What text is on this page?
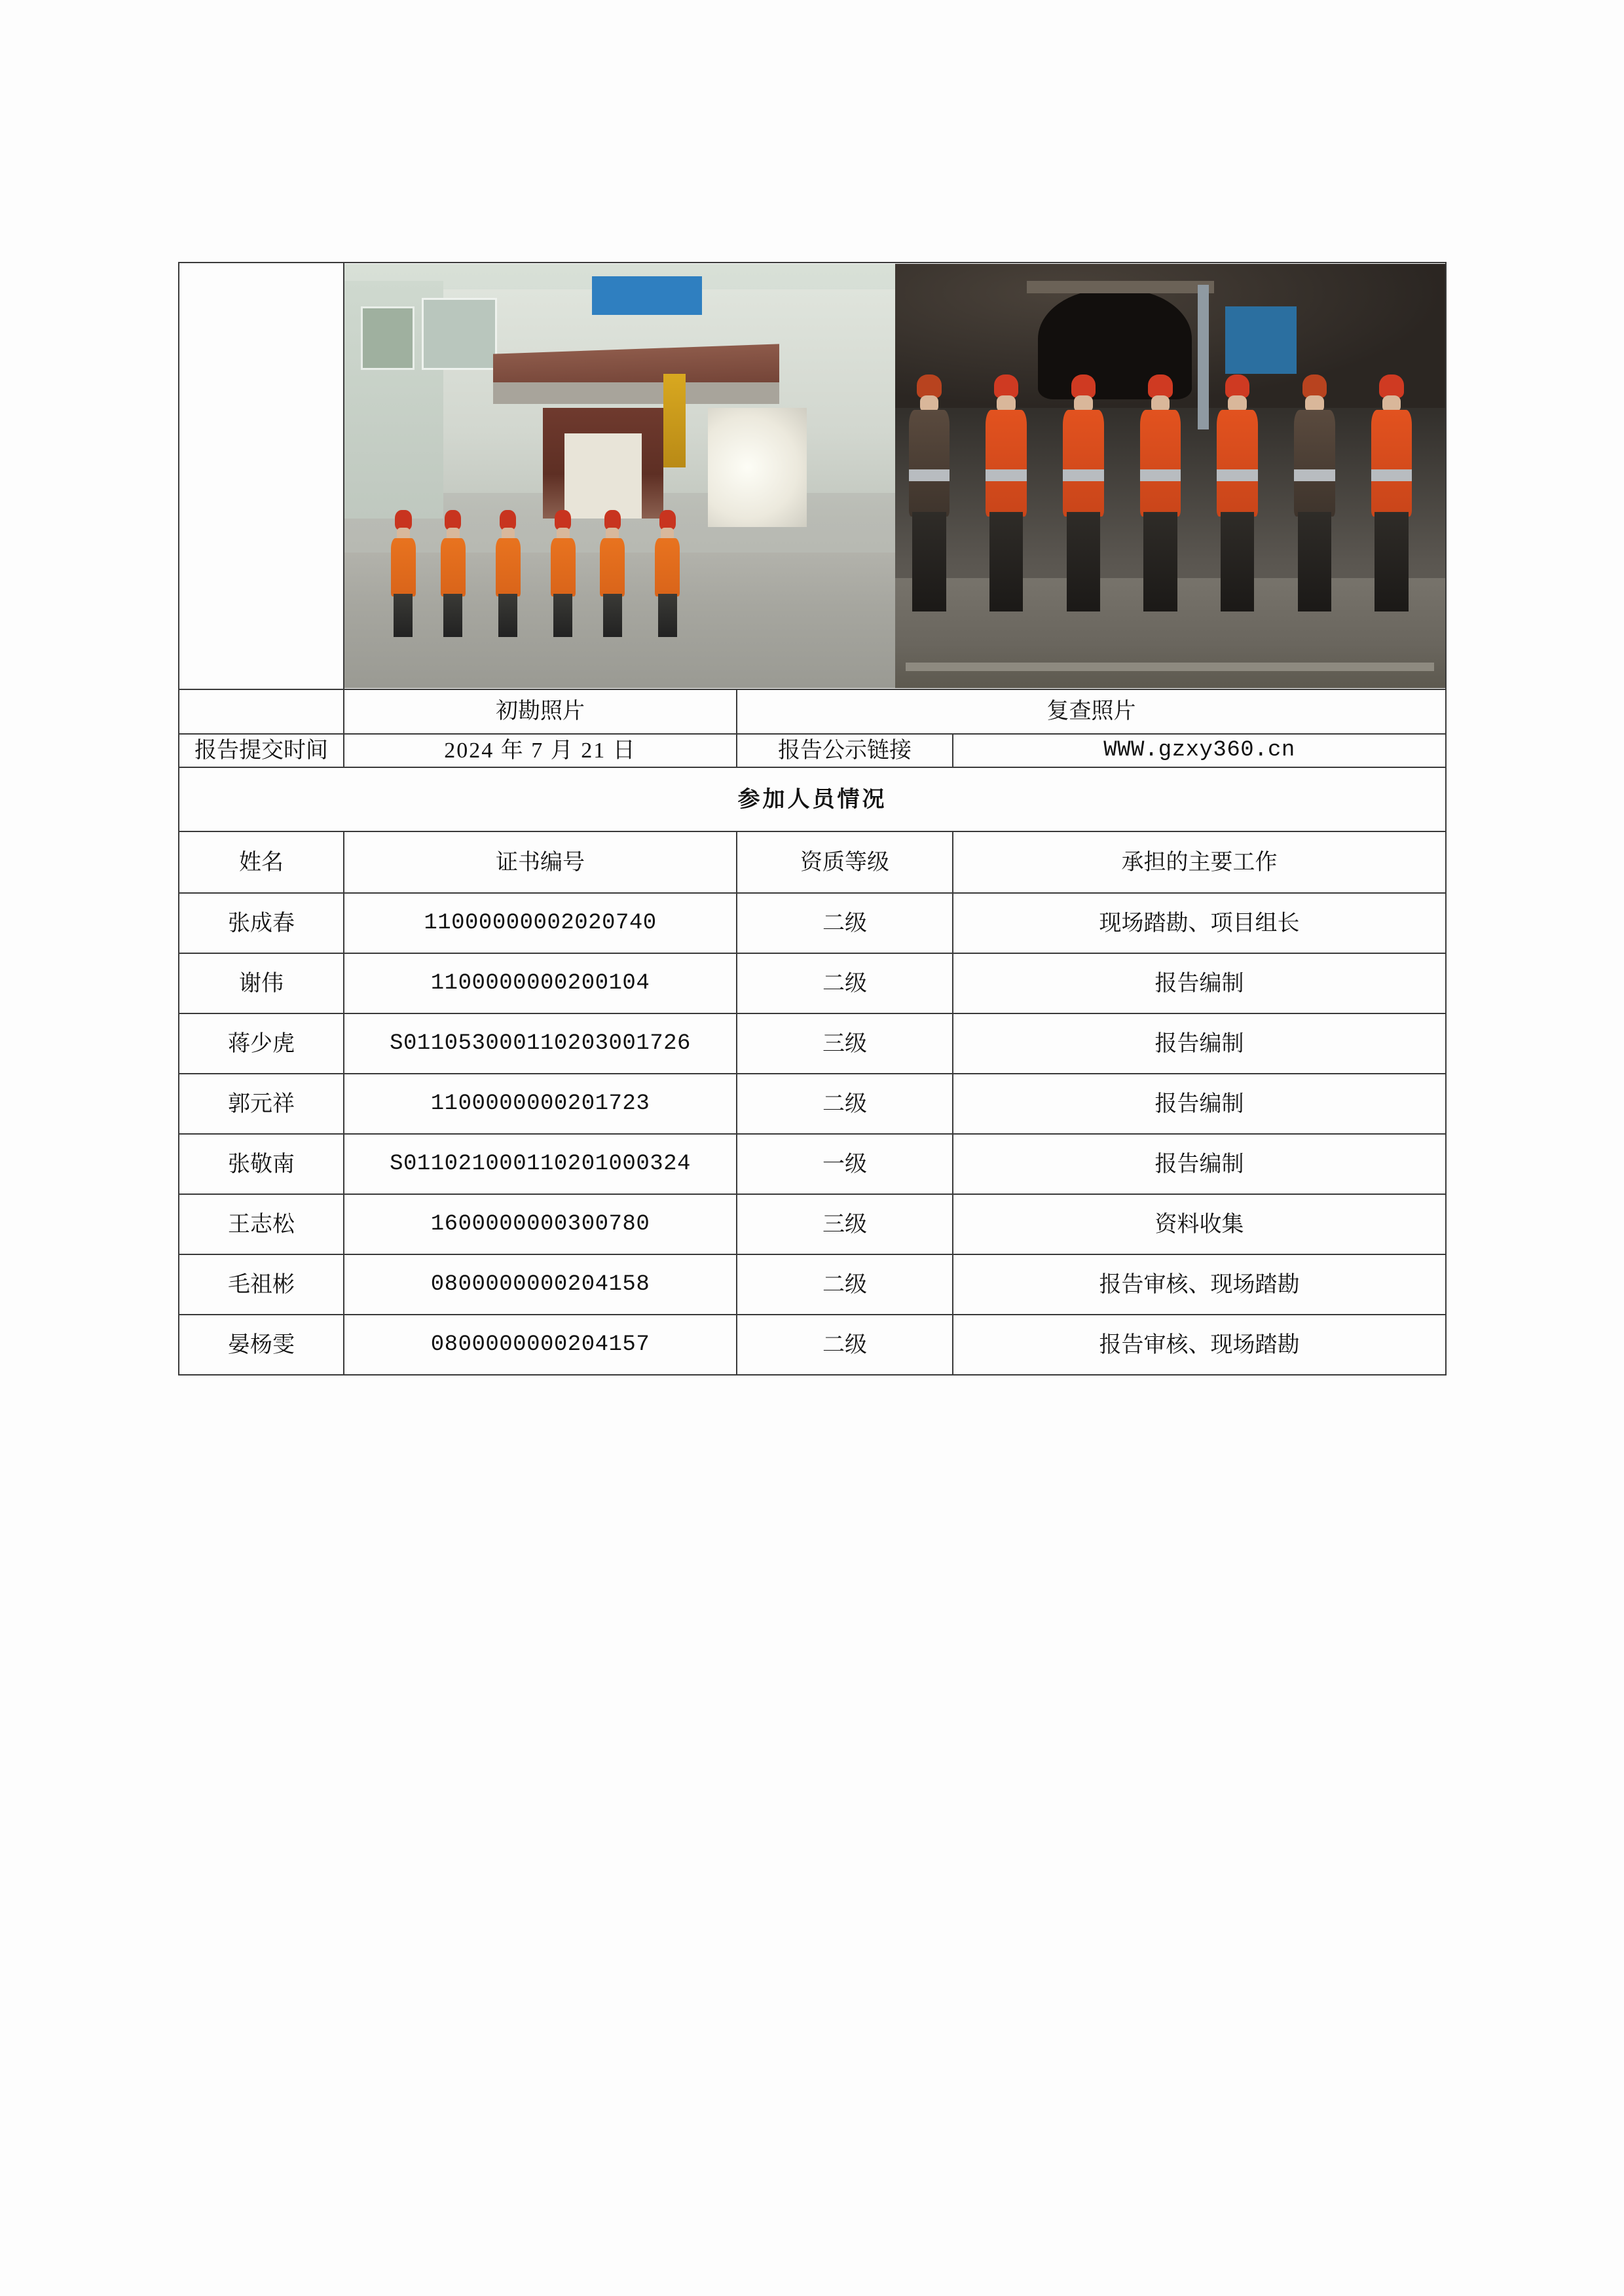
	初勘照片	复查照片	
报告提交时间	2024 年 7 月 21 日	报告公示链接	WWW.gzxy360.cn
参加人员情况			
姓名	证书编号	资质等级	承担的主要工作
张成春	11000000002020740	二级	现场踏勘、项目组长
谢伟	1100000000200104	二级	报告编制
蒋少虎	S011053000110203001726	三级	报告编制
郭元祥	1100000000201723	二级	报告编制
张敬南	S011021000110201000324	一级	报告编制
王志松	1600000000300780	三级	资料收集
毛祖彬	0800000000204158	二级	报告审核、现场踏勘
晏杨雯	0800000000204157	二级	报告审核、现场踏勘
